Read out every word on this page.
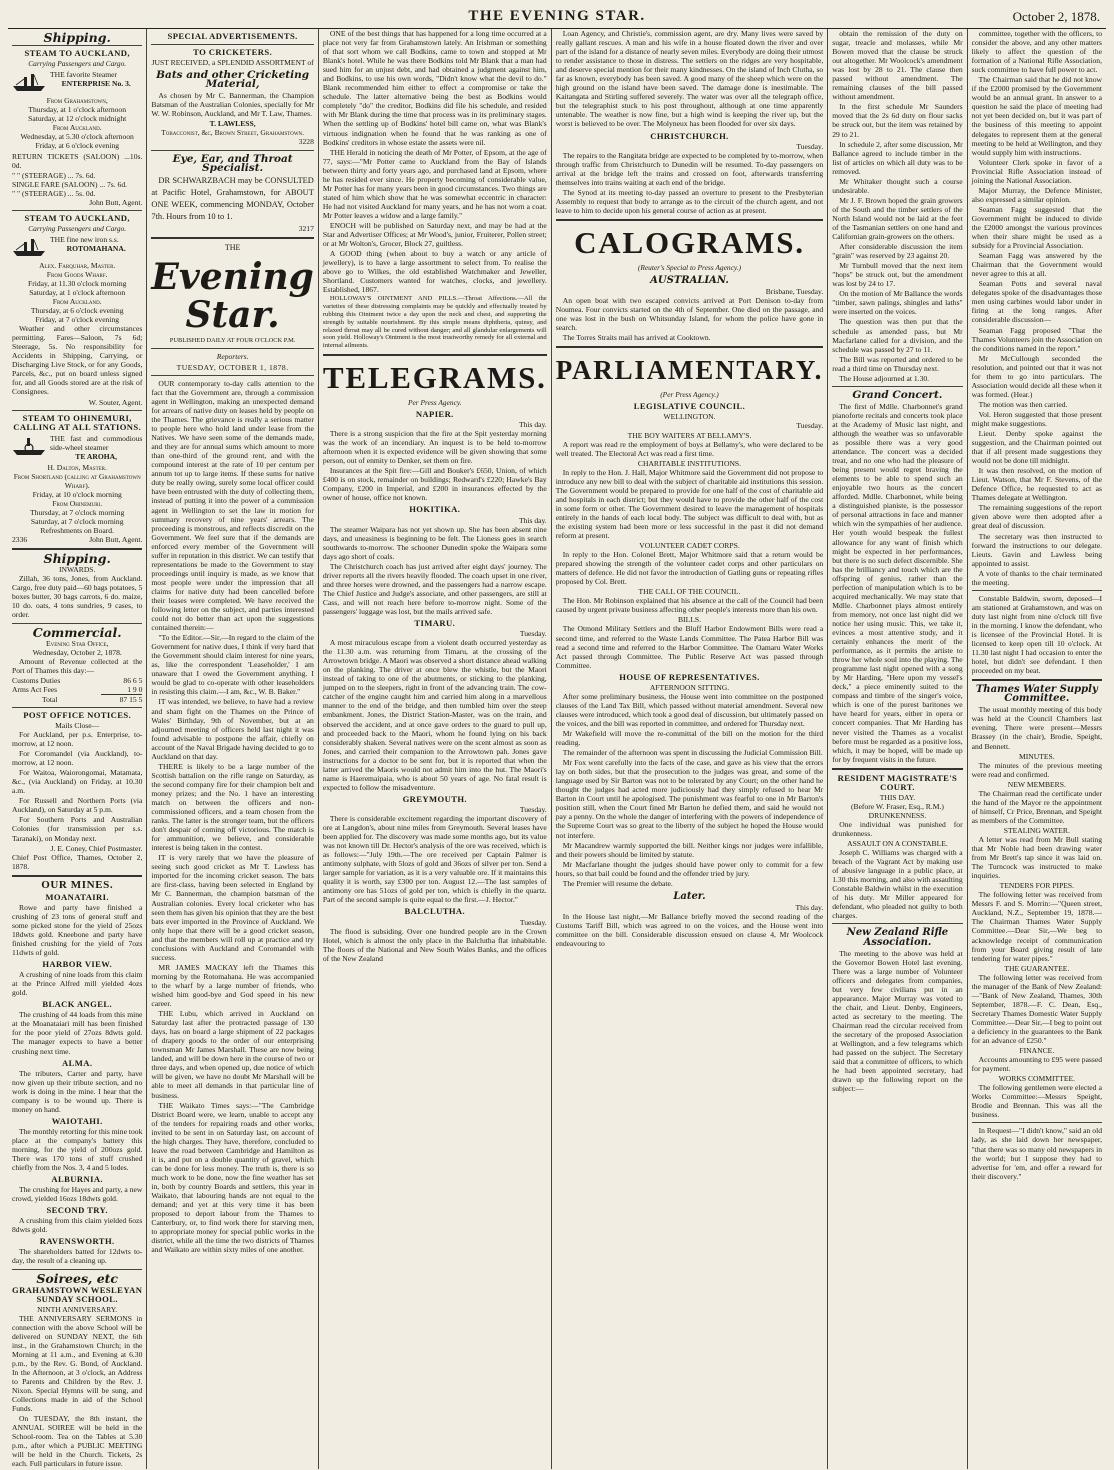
THE EVENING STAR.	October 2, 1878.
Shipping.
STEAM TO AUCKLAND,
Carrying Passengers and Cargo.
THE favorite Steamer
ENTERPRISE No. 3.
From Grahamstown,
Thursday, at 1 o'clock afternoon
Saturday, at 12 o'clock midnight
From Auckland.
Wednesday, at 5.30 o'clock afternoon
Friday, at 6 o'clock evening
RETURN TICKETS (SALOON) ...10s. 0d.
" " (STEERAGE) ... 7s. 6d.
SINGLE FARE (SALOON) ... 7s. 6d.
" " (STEERAGE) ... 5s. 0d.
John Butt, Agent.
STEAM TO AUCKLAND,
Carrying Passengers and Cargo.
THE fine new iron s.s.
ROTOMAHANA.
Alex. Farquhar, Master.
From Goods Wharf.
Friday, at 11.30 o'clock morning
Saturday, at 1 o'clock afternoon
From Auckland.
Thursday, at 6 o'clock evening
Friday, at 7 o'clock evening

Weather and other circumstances permitting. Fares—Saloon, 7s 6d; Steerage, 5s. No responsibility for Accidents in Shipping, Carrying, or Discharging Live Stock, or for any Goods, Parcels, &c., put on board unless signed for, and all Goods stored are at the risk of Consignees.

W. Souter, Agent.
STEAM TO OHINEMURI, CALLING AT ALL STATIONS.
THE fast and commodious side-wheel steamer
TE AROHA,
H. Dalton, Master.
From Shortland (calling at Grahamstown Wharf).
Friday, at 10 o'clock morning
From Ohinemuri.
Thursday, at 7 o'clock morning
Saturday, at 7 o'clock morning
Refreshments on Board.
2336	John Butt, Agent.
Shipping.
INWARDS.

Zillah, 36 tons, Jones, from Auckland. Cargo, free duty paid—60 bags potatoes, 5 boxes butter, 30 bags carrots, 6 do. maize, 10 do. oats, 4 tons sundries, 9 cases, to order.

Commercial.
Evening Star Office,
Wednesday, October 2, 1878.

Amount of Revenue collected at the Port of Thames this day:—

Customs Duties	86 6 5
Arms Act Fees	1 9 0
Total	87 15 5
POST OFFICE NOTICES.
Mails Close—

For Auckland, per p.s. Enterprise, to-morrow, at 12 noon.

For Coromandel (via Auckland), to-morrow, at 12 noon.

For Waitoa, Waiorongomai, Matamata, &c., (via Auckland) on Friday, at 10.30 a.m.

For Russell and Northern Ports (via Auckland), on Saturday at 5 p.m.

For Southern Ports and Australian Colonies (for transmission per s.s. Taranaki), on Monday next.

J. E. Coney, Chief Postmaster.
Chief Post Office, Thames, October 2, 1878.
OUR MINES.
MOANATAIRI.

Rowe and party have finished a crushing of 23 tons of general stuff and some picked stone for the yield of 25ozs 18dwts gold. Kneebone and party have finished crushing for the yield of 7ozs 11dwts of gold.

HARBOR VIEW.

A crushing of nine loads from this claim at the Prince Alfred mill yielded 4ozs gold.

BLACK ANGEL.

The crushing of 44 loads from this mine at the Moanataiari mill has been finished for the poor yield of 27ozs 8dwts gold. The manager expects to have a better crushing next time.

ALMA.

The tributers, Carter and party, have now given up their tribute section, and no work is doing in the mine. I hear that the company is to be wound up. There is money on hand.

WAIOTAHI.

The monthly retorting for this mine took place at the company's battery this morning, for the yield of 200ozs gold. There was 170 tons of stuff crushed chiefly from the Nos. 3, 4 and 5 lodes.

ALBURNIA.

The crushing for Hayes and party, a new crowd, yielded 16ozs 18dwts gold.

SECOND TRY.

A crushing from this claim yielded 6ozs 8dwts gold.

RAVENSWORTH.

The shareholders batted for 12dwts to-day, the result of a cleaning up.

Soirees, etc
GRAHAMSTOWN WESLEYAN SUNDAY SCHOOL.
NINTH ANNIVERSARY.

THE ANNIVERSARY SERMONS in connection with the above School will be delivered on SUNDAY NEXT, the 6th inst., in the Grahamstown Church; in the Morning at 11 a.m., and Evening at 6.30 p.m., by the Rev. G. Bond, of Auckland. In the Afternoon, at 3 o'clock, an Address to Parents and Children by the Rev. J. Nixon. Special Hymns will be sung, and Collections made in aid of the School Funds.

On TUESDAY, the 8th instant, the ANNUAL SOIREE will be held in the School-room. Tea on the Tables at 5.30 p.m., after which a PUBLIC MEETING will be held in the Church. Tickets, 2s each. Full particulars in future issue.

SPECIAL ADVERTISEMENTS.
TO CRICKETERS.
JUST RECEIVED, a SPLENDID ASSORTMENT of
Bats and other Cricketing Material,

As chosen by Mr C. Bannerman, the Champion Batsman of the Australian Colonies, specially for Mr W. W. Robinson, Auckland, and Mr T. Law, Thames.

T. LAWLESS,
Tobacconist, &c, Brown Street, Grahamstown.
3228
Eye, Ear, and Throat Specialist.

DR SCHWARZBACH may be CONSULTED at Pacific Hotel, Grahamstown, for ABOUT ONE WEEK, commencing MONDAY, October 7th. Hours from 10 to 1.

3217
THE
Evening Star.
PUBLISHED DAILY AT FOUR O'CLOCK P.M.
Reporters.
TUESDAY, OCTOBER 1, 1878.

OUR contemporary to-day calls attention to the fact that the Government are, through a commission agent in Wellington, making an unexpected demand for arrears of native duty on leases held by people on the Thames. The grievance is really a serious matter to people here who hold land under lease from the Natives. We have seen some of the demands made, and they are for annual sums which amount to more than one-third of the ground rent, and with the compound interest at the rate of 10 per centum per annum tot up to large items. If these sums for native duty be really owing, surely some local officer could have been entrusted with the duty of collecting them, instead of putting it into the power of a commission agent in Wellington to set the law in motion for summary recovery of nine years' arrears. The proceeding is monstrous, and reflects discredit on the Government. We feel sure that if the demands are enforced every member of the Government will suffer in reputation in this district. We can testify that representations be made to the Government to stay proceedings until inquiry is made, as we know that most people were under the impression that all claims for native duty had been cancelled before their leases were completed. We have received the following letter on the subject, and parties interested could not do better than act upon the suggestions contained therein:—

"To the Editor.—Sir,—In regard to the claim of the Government for native dues, I think if very hard that the Government should claim interest for nine years, as, like the correspondent 'Leaseholder,' I am unaware that I owed the Government anything. I would be glad to co-operate with other leaseholders in resisting this claim.—I am, &c., W. B. Baker."

IT was intended, we believe, to have had a review and sham fight on the Thames on the Prince of Wales' Birthday, 9th of November, but at an adjourned meeting of officers held last night it was found advisable to postpone the affair, chiefly on account of the Naval Brigade having decided to go to Auckland on that day.

THERE is likely to be a large number of the Scottish battalion on the rifle range on Saturday, as the second company fire for their champion belt and money prizes; and the No. 1 have an interesting match on between the officers and non-commissioned officers, and a team chosen from the ranks. The latter is the stronger team, but the officers don't despair of coming off victorious. The match is for ammunition, we believe, and considerable interest is being taken in the contest.

IT is very rarely that we have the pleasure of seeing such good cricket as Mr T. Lawless has imported for the incoming cricket season. The bats are first-class, having been selected in England by Mr C. Bannerman, the champion batsman of the Australian colonies. Every local cricketer who has seen them has given his opinion that they are the best bats ever imported in the Province of Auckland. We only hope that there will be a good cricket season, and that the members will roll up at practice and try conclusions with Auckland and Coromandel with success.

MR JAMES MACKAY left the Thames this morning by the Rotomahana. He was accompanied to the wharf by a large number of friends, who wished him good-bye and God speed in his new career.

THE Lubu, which arrived in Auckland on Saturday last after the protracted passage of 130 days, has on board a large shipment of 22 packages of drapery goods to the order of our enterprising townsman Mr James Marshall. These are now being landed, and will be down here in the course of two or three days, and when opened up, due notice of which will be given, we have no doubt Mr Marshall will be able to meet all demands in that particular line of business.

THE Waikato Times says:—"The Cambridge District Board were, we learn, unable to accept any of the tenders for repairing roads and other works, invited to be sent in on Saturday last, on account of the high charges. They have, therefore, concluded to leave the road between Cambridge and Hamilton as it is, and put on a double quantity of gravel, which can be done for less money. The truth is, there is so much work to be done, now the fine weather has set in, both by country Boards and settlers, this year in Waikato, that labouring hands are not equal to the demand; and yet at this very time it has been proposed to deport labour from the Thames to Canterbury, or, to find work there for starving men, to appropriate money for special public works in the district, while all the time the two districts of Thames and Waikato are within sixty miles of one another.

ONE of the best things that has happened for a long time occurred at a place not very far from Grahamstown lately. An Irishman or something of that sort whom we call Bodkins, came to town and stopped at Mr Blank's hotel. While he was there Bodkins told Mr Blank that a man had sued him for an unjust debt, and had obtained a judgment against him, and Bodkins, to use his own words, "Didn't know what the devil to do." Blank recommended him either to effect a compromise or take the schedule. The latter alternative being the best as Bodkins would completely "do" the creditor, Bodkins did file his schedule, and resided with Mr Blank during the time that process was in its preliminary stages. When the settling up of Bodkins' hotel bill came on, what was Blank's virtuous indignation when he found that he was ranking as one of Bodkins' creditors in whose estate the assets were nil.

THE Herald in noticing the death of Mr Potter, of Epsom, at the age of 77, says:—"Mr Potter came to Auckland from the Bay of Islands between thirty and forty years ago, and purchased land at Epsom, where he has resided ever since. He property becoming of considerable value, Mr Potter has for many years been in good circumstances. Two things are stated of him which show that he was somewhat eccentric in character: He had not visited Auckland for many years, and he has not worn a coat. Mr Potter leaves a widow and a large family."

ENOCH will be published on Saturday next, and may be had at the Star and Advertiser Offices; at Mr Wood's, junior, Fruiterer, Pollen street; or at Mr Wolton's, Grocer, Block 27, guiltless.

A GOOD thing (when about to buy a watch or any article of jewellery), is to have a large assortment to select from. To realise the above go to Wilkes, the old established Watchmaker and Jeweller, Shortland. Customers wanted for watches, clocks, and jewellery. Established, 1867.

HOLLOWAY'S OINTMENT AND PILLS.—Throat Affections.—All the varieties of these distressing complaints may be quickly and effectually treated by rubbing this Ointment twice a day upon the neck and chest, and supporting the strength by suitable nourishment. By this simple means diphtheria, quinsy, and relaxed throat may all be cured without danger; and all glandular enlargements will soon yield. Holloway's Ointment is the most trustworthy remedy for all external and internal ailments.

TELEGRAMS.
Per Press Agency.
NAPIER.
This day.

There is a strong suspicion that the fire at the Spit yesterday morning was the work of an incendiary. An inquest is to be held to-morrow afternoon when it is expected evidence will be given showing that some person, out of enmity to Denker, set them on fire.

Insurances at the Spit fire:—Gill and Bouker's £650, Union, of which £400 is on stock, remainder on buildings; Redward's £220; Hawke's Bay Company, £200 in Imperial, and £200 in insurances effected by the owner of house, office not known.

HOKITIKA.
This day.

The steamer Waipara has not yet shown up. She has been absent nine days, and uneasiness is beginning to be felt. The Lioness goes in search southwards to-morrow. The schooner Dunedin spoke the Waipara some days ago short of coals.

The Christchurch coach has just arrived after eight days' journey. The driver reports all the rivers heavily flooded. The coach upset in one river, and three horses were drowned, and the passengers had a narrow escape. The Chief Justice and Judge's associate, and other passengers, are still at Cass, and will not reach here before to-morrow night. Some of the passengers' luggage was lost, but the mails arrived safe.

TIMARU.
Tuesday.

A most miraculous escape from a violent death occurred yesterday as the 11.30 a.m. was returning from Timaru, at the crossing of the Arrowtown bridge. A Maori was observed a short distance ahead walking on the planking. The driver at once blew the whistle, but the Maori instead of taking to one of the abutments, or sticking to the planking, jumped on to the sleepers, right in front of the advancing train. The cow-catcher of the engine caught him and carried him along in a marvellous manner to the end of the bridge, and then tumbled him over the steep embankment. Jones, the District Station-Master, was on the train, and observed the accident, and at once gave orders to the guard to pull up, and proceeded back to the Maori, whom he found lying on his back considerably shaken. Several natives were on the scent almost as soon as Jones, and carried their companion to the Arrowtown pah. Jones gave instructions for a doctor to be sent for, but it is reported that when the latter arrived the Maoris would not admit him into the hut. The Maori's name is Haeremaipaia, who is about 50 years of age. No fatal result is expected to follow the misadventure.

GREYMOUTH.
Tuesday.

There is considerable excitement regarding the important discovery of ore at Langdon's, about nine miles from Greymouth. Several leases have been applied for. The discovery was made some months ago, but its value was not known till Dr. Hector's analysis of the ore was received, which is as follows:—"July 19th.—The ore received per Captain Palmer is antimony sulphate, with 5lozs of gold and 36ozs of silver per ton. Send a larger sample for variation, as it is a very valuable ore. If it maintains this quality it is worth, say £300 per ton. August 12.—The last samples of antimony ore has 51ozs of gold per ton, which is chiefly in the quartz. Part of the second sample is quite equal to the first.—J. Hector."

BALCLUTHA.
Tuesday.

The flood is subsiding. Over one hundred people are in the Crown Hotel, which is almost the only place in the Balclutha flat inhabitable. The floors of the National and New South Wales Banks, and the offices of the New Zealand

Loan Agency, and Christie's, commission agent, are dry. Many lives were saved by really gallant rescues. A man and his wife in a house floated down the river and over part of the island for a distance of nearly seven miles. Everybody are doing their utmost to render assistance to those in distress. The settlers on the ridges are very hospitable, and deserve special mention for their many kindnesses. On the island of Inch Clutha, so far as known, everybody has been saved. A good many of the sheep which were on the high ground on the island have been saved. The damage done is inestimable. The Kaitangata and Stirling suffered severely. The water was over all the telegraph office, but the telegraphist stuck to his post throughout, although at one time apparently untenable. The weather is now fine, but a high wind is keeping the river up, but the worst is believed to be over. The Molyneux has been flooded for over six days.

CHRISTCHURCH.
Tuesday.

The repairs to the Rangitata bridge are expected to be completed by to-morrow, when through traffic from Christchurch to Dunedin will be resumed. To-day passengers on arrival at the bridge left the trains and crossed on foot, afterwards transferring themselves into trains waiting at each end of the bridge.

The Synod at its meeting to-day passed an overture to present to the Presbyterian Assembly to request that body to arrange as to the circuit of the church agent, and not leave to him to decide upon his general course of action as at present.

CALOGRAMS.
(Reuter's Special to Press Agency.)
AUSTRALIAN.
Brisbane, Tuesday.

An open boat with two escaped convicts arrived at Port Denison to-day from Noumea. Four convicts started on the 4th of September. One died on the passage, and one was lost in the bush on Whitsunday Island, for whom the police have gone in search.

The Torres Straits mail has arrived at Cooktown.

PARLIAMENTARY.
(Per Press Agency.)
LEGISLATIVE COUNCIL.
WELLINGTON.
Tuesday.
THE BOY WAITERS AT BELLAMY'S.

A report was read re the employment of boys at Bellamy's, who were declared to be well treated. The Electoral Act was read a first time.

CHARITABLE INSTITUTIONS.

In reply to the Hon. J. Hall, Major Whitmore said the Government did not propose to introduce any new bill to deal with the subject of charitable aid institutions this session. The Government would be prepared to provide for one half of the cost of charitable aid and hospitals in each district; but they would have to provide the other half of the cost in some form or other. The Government desired to leave the management of hospitals entirely in the hands of each local body. The subject was difficult to deal with, but as the existing system had been more or less successful in the past it did not demand reform at present.

VOLUNTEER CADET CORPS.

In reply to the Hon. Colonel Brett, Major Whitmore said that a return would be prepared showing the strength of the volunteer cadet corps and other particulars on matters of defence. He did not favor the introduction of Gatling guns or repeating rifles proposed by Col. Brett.

THE CALL OF THE COUNCIL.

The Hon. Mr Robinson explained that his absence at the call of the Council had been caused by urgent private business affecting other people's interests more than his own.

BILLS.

The Otmond Military Settlers and the Bluff Harbor Endowment Bills were read a second time, and referred to the Waste Lands Committee. The Patea Harbor Bill was read a second time and referred to the Harbor Committee. The Oamaru Water Works Act passed through Committee. The Public Reserve Act was passed through Committee.

HOUSE OF REPRESENTATIVES.
AFTERNOON SITTING.

After some preliminary business, the House went into committee on the postponed clauses of the Land Tax Bill, which passed without material amendment. Several new clauses were introduced, which took a good deal of discussion, but ultimately passed on the voices, and the bill was reported in committee, and ordered for Thursday next.

Mr Wakefield will move the re-committal of the bill on the motion for the third reading.

The remainder of the afternoon was spent in discussing the Judicial Commission Bill.

Mr Fox went carefully into the facts of the case, and gave as his view that the errors lay on both sides, but that the prosecution to the judges was great, and some of the language used by Sir Barton was not to be tolerated by any Court; on the other hand he thought the judges had acted more judiciously had they simply refused to hear Mr Barton in Court until he apologised. The punishment was fearful to one in Mr Barton's position still, when the Court fined Mr Barton he defied them, and said he would not pay a penny. On the whole the danger of interfering with the powers of independence of the Supreme Court was so great to the liberty of the subject he hoped the House would not interfere.

Mr Macandrew warmly supported the bill. Neither kings nor judges were infallible, and their powers should be limited by statute.

Mr Macfarlane thought the judges should have power only to commit for a few hours, so that bail could be found and the offender tried by jury.

The Premier will resume the debate.

Later.
This day.

In the House last night,—Mr Ballance briefly moved the second reading of the Customs Tariff Bill, which was agreed to on the voices, and the House went into committee on the bill. Considerable discussion ensued on clause 4, Mr Woolcock endeavouring to

obtain the remission of the duty on sugar, treacle and molasses, while Mr Bowen moved that the clause be struck out altogether. Mr Woolcock's amendment was lost by 28 to 21. The clause then passed without amendment. The remaining clauses of the bill passed without amendment.

In the first schedule Mr Saunders moved that the 2s 6d duty on flour sacks be struck out, but the item was retained by 29 to 21.

In schedule 2, after some discussion, Mr Ballance agreed to include timber in the list of articles on which all duty was to be removed.

Mr Whitaker thought such a course undesirable.

Mr J. F. Brown hoped the grain growers of the South and the timber settlers of the North Island would not be laid at the feet of the Tasmanian settlers on one hand and Californian grain-growers on the others.

After considerable discussion the item "grain" was reserved by 23 against 20.

Mr Turnbull moved that the next item "hops" be struck out, but the amendment was lost by 24 to 17.

On the motion of Mr Ballance the words "timber, sawn palings, shingles and laths" were inserted on the voices.

The question was then put that the schedule as amended pass, but Mr Macfarlane called for a division, and the schedule was passed by 27 to 11.

The Bill was reported and ordered to be read a third time on Thursday next.

The House adjourned at 1.30.

Grand Concert.

The first of Mdlle. Charbonnet's grand pianoforte recitals and concerts took place at the Academy of Music last night, and although the weather was so unfavorable as possible there was a very good attendance. The concert was a decided treat, and no one who had the pleasure of being present would regret braving the elements to be able to spend such an enjoyable two hours as the concert afforded. Mdlle. Charbonnet, while being a distinguished pianiste, is the possessor of personal attractions in face and manner which win the sympathies of her audience. Her youth would bespeak the fullest allowance for any want of finish which might be expected in her performances, but there is no such defect discernible. She has the brilliancy and touch which are the offspring of genius, rather than the perfection of manipulation which is to be acquired mechanically. We may state that Mdlle. Charbonnet plays almost entirely from memory, not once last night did we notice her using music. This, we take it, evinces a most attentive study, and it certainly enhances the merit of the performance, as it permits the artiste to throw her whole soul into the playing. The programme last night opened with a song by Mr Harding, "Here upon my vessel's deck," a piece eminently suited to the compass and timbre of the singer's voice, which is one of the purest baritones we have heard for years, either in opera or concert companies. That Mr Harding has never visited the Thames as a vocalist before must be regarded as a positive loss, which, it may be hoped, will be made up for by frequent visits in the future.

RESIDENT MAGISTRATE'S COURT.
THIS DAY.
(Before W. Fraser, Esq., R.M.)
DRUNKENNESS.

One individual was punished for drunkenness.

ASSAULT ON A CONSTABLE.

Joseph C. Williams was charged with a breach of the Vagrant Act by making use of abusive language in a public place, at 1.30 this morning, and also with assaulting Constable Baldwin whilst in the execution of his duty. Mr Miller appeared for defendant, who pleaded not guilty to both charges.

New Zealand Rifle Association.

The meeting to the above was held at the Governor Bowen Hotel last evening. There was a large number of Volunteer officers and delegates from companies, but very few civilians put in an appearance. Major Murray was voted to the chair, and Lieut. Denby, Engineers, acted as secretary to the meeting. The Chairman read the circular received from the secretary of the proposed Association at Wellington, and a few telegrams which had passed on the subject. The Secretary said that a committee of officers, to which he had been appointed secretary, had drawn up the following report on the subject:—

committee, together with the officers, to consider the above, and any other matters likely to affect the question of the formation of a National Rifle Association, suck committee to have full power to act.

The Chairman said that he did not know if the £2000 promised by the Government would be an annual grant. In answer to a question he said the place of meeting had not yet been decided on, but it was part of the business of this meeting to appoint delegates to represent them at the general meeting to be held at Wellington, and they would supply him with instructions.

Volunteer Clerk spoke in favor of a Provincial Rifle Association instead of joining the National Association.

Major Murray, the Defence Minister, also expressed a similar opinion.

Seaman Fagg suggested that the Government might be induced to divide the £2000 amongst the various provinces when their share might be used as a subsidy for a Provincial Association.

Seaman Fagg was answered by the Chairman that the Government would never agree to this at all.

Seaman Potts and several naval delegates spoke of the disadvantages those men using carbines would labor under in firing at the long ranges. After considerable discussion—

Seaman Fagg proposed "That the Thames Volunteers join the Association on the conditions named in the report."

Mr McCullough seconded the resolution, and pointed out that it was not for them to go into particulars. The Association would decide all these when it was formed. (Hear.)

The motion was then carried.

Vol. Heron suggested that those present might make suggestions.

Lieut. Denby spoke against the suggestion, and the Chairman pointed out that if all present made suggestions they would not be done till midnight.

It was then resolved, on the motion of Lieut. Watson, that Mr F. Stevens, of the Defence Office, be requested to act as Thames delegate at Wellington.

The remaining suggestions of the report given above were then adopted after a great deal of discussion.

The secretary was then instructed to forward the instructions to our delegate. Lieuts. Gavin and Lawless being appointed to assist.

A vote of thanks to the chair terminated the meeting.

Constable Baldwin, sworn, deposed—I am stationed at Grahamstown, and was on duty last night from nine o'clock till five in the morning. I know the defendant, who is licensee of the Provincial Hotel. It is licensed to keep open till 10 o'clock. At 11.30 last night I had occasion to enter the hotel, but didn't see defendant. I then proceeded on my beat.

Thames Water Supply Committee.

The usual monthly meeting of this body was held at the Council Chambers last evening. There were present—Messrs Brassey (in the chair), Brodie, Speight, and Bennett.

MINUTES.

The minutes of the previous meeting were read and confirmed.

NEW MEMBERS.

The Chairman read the certificate under the hand of the Mayor re the appointment of himself, Cr Price, Brennan, and Speight as members of the Committee.

STEALING WATER.

A letter was read from Mr Bull stating that Mr Noble had been drawing water from Mr Brett's tap since it was laid on. The Turncock was instructed to make inquiries.

TENDERS FOR PIPES.

The following letter was received from Messrs F. and S. Morrin:—"Queen street, Auckland, N.Z., September 19, 1878.—The Chairman Thames Water Supply Committee.—Dear Sir,—We beg to acknowledge receipt of communication from your Board giving result of late tendering for water pipes."

THE GUARANTEE.

The following letter was received from the manager of the Bank of New Zealand:—"Bank of New Zealand, Thames, 30th September, 1878.—F. C. Dean, Esq., Secretary Thames Domestic Water Supply Committee.—Dear Sir,—I beg to point out a deficiency in the guarantees to the Bank for an advance of £250."

FINANCE.

Accounts amounting to £95 were passed for payment.

WORKS COMMITTEE.

The following gentlemen were elected a Works Committee:—Messrs Speight, Brodie and Brennan. This was all the business.

In Request—"I didn't know," said an old lady, as she laid down her newspaper, "that there was so many old newspapers in the world; but I suppose they had to advertise for 'em, and offer a reward for their discovery."
